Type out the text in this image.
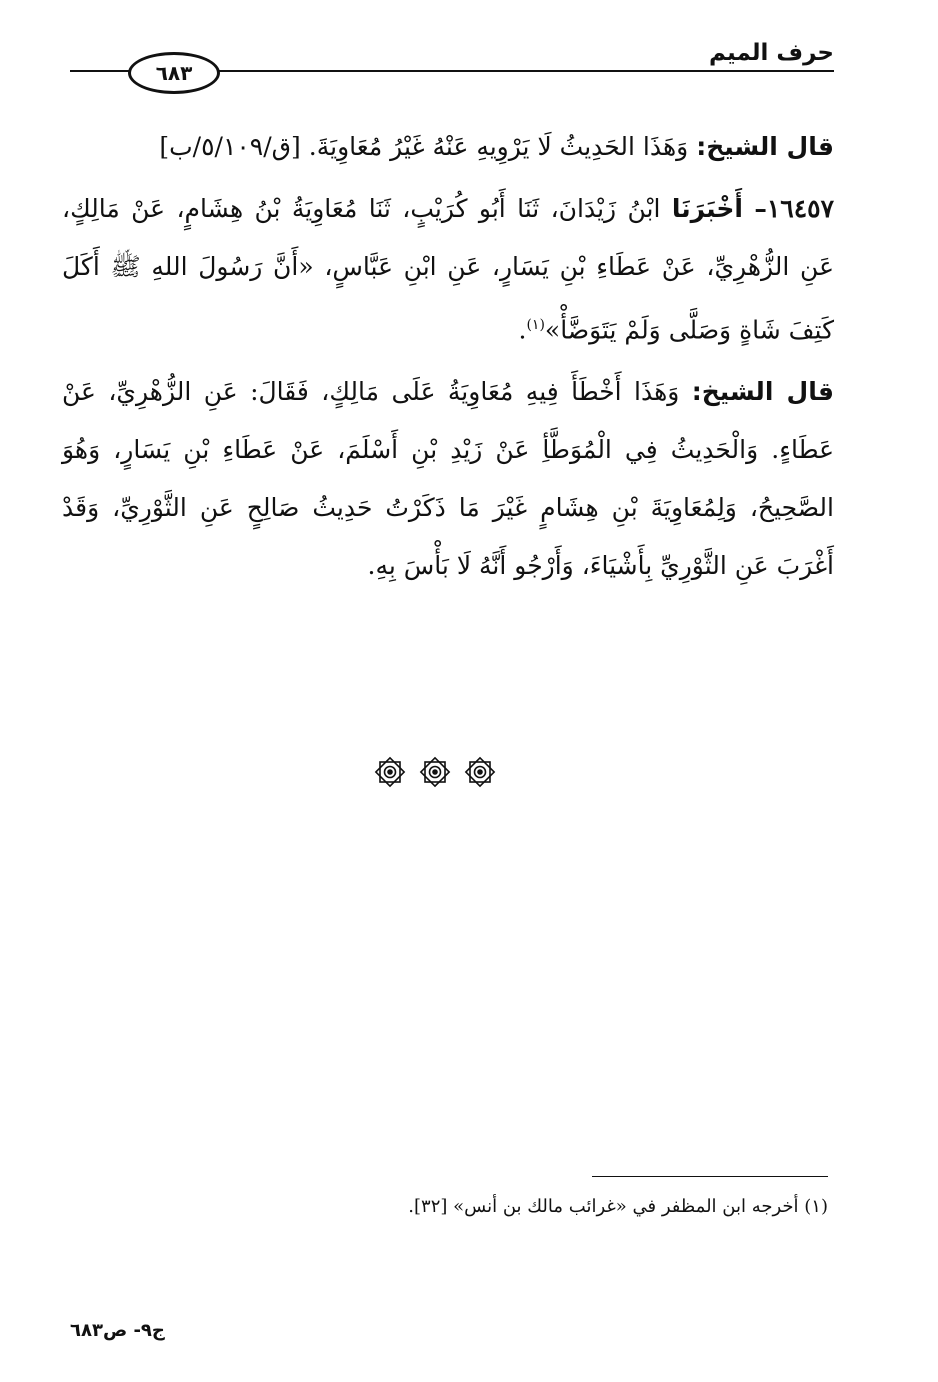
حرف الميم
٦٨٣

قال الشيخ: وَهَذَا الحَدِيثُ لَا يَرْوِيهِ عَنْهُ غَيْرُ مُعَاوِيَةَ. [ق/٥/١٠٩/ب]

١٦٤٥٧– أَخْبَرَنَا ابْنُ زَيْدَانَ، ثَنَا أَبُو كُرَيْبٍ، ثَنَا مُعَاوِيَةُ بْنُ هِشَامٍ، عَنْ مَالِكٍ، عَنِ الزُّهْرِيِّ، عَنْ عَطَاءِ بْنِ يَسَارٍ، عَنِ ابْنِ عَبَّاسٍ، «أَنَّ رَسُولَ اللهِ ﷺ أَكَلَ كَتِفَ شَاةٍ وَصَلَّى وَلَمْ يَتَوَضَّأْ»$^{(١)}$.

قال الشيخ: وَهَذَا أَخْطَأَ فِيهِ مُعَاوِيَةُ عَلَى مَالِكٍ، فَقَالَ: عَنِ الزُّهْرِيِّ، عَنْ عَطَاءٍ. وَالْحَدِيثُ فِي الْمُوَطَّأِ عَنْ زَيْدِ بْنِ أَسْلَمَ، عَنْ عَطَاءِ بْنِ يَسَارٍ، وَهُوَ الصَّحِيحُ، وَلِمُعَاوِيَةَ بْنِ هِشَامٍ غَيْرَ مَا ذَكَرْتُ حَدِيثُ صَالِحٍ عَنِ الثَّوْرِيِّ، وَقَدْ أَغْرَبَ عَنِ الثَّوْرِيِّ بِأَشْيَاءَ، وَأَرْجُو أَنَّهُ لَا بَأْسَ بِهِ.

(١) أخرجه ابن المظفر في «غرائب مالك بن أنس» [٣٢].
ج٩- ص٦٨٣
